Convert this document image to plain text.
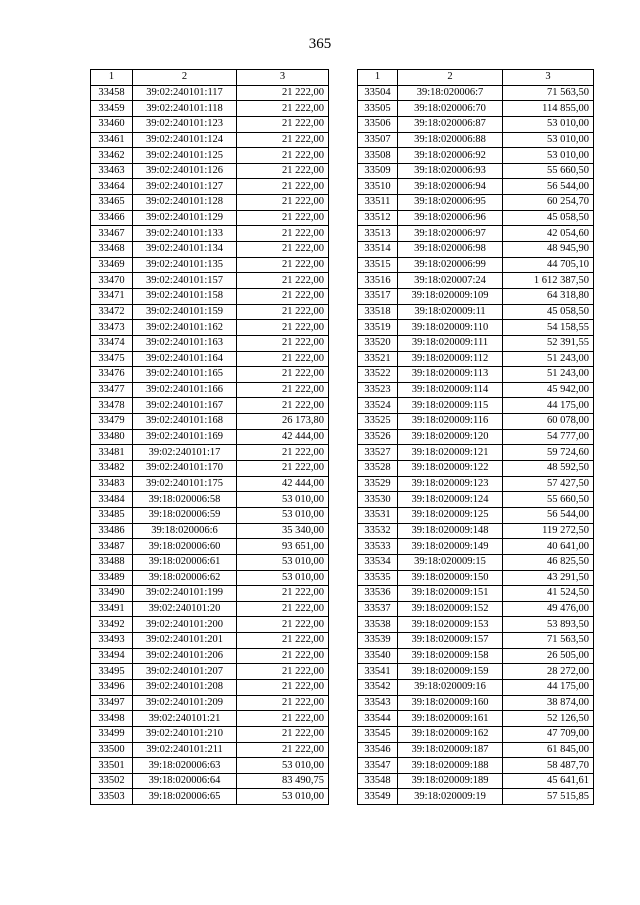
365
1	2	3
33458	39:02:240101:117	21 222,00
33459	39:02:240101:118	21 222,00
33460	39:02:240101:123	21 222,00
33461	39:02:240101:124	21 222,00
33462	39:02:240101:125	21 222,00
33463	39:02:240101:126	21 222,00
33464	39:02:240101:127	21 222,00
33465	39:02:240101:128	21 222,00
33466	39:02:240101:129	21 222,00
33467	39:02:240101:133	21 222,00
33468	39:02:240101:134	21 222,00
33469	39:02:240101:135	21 222,00
33470	39:02:240101:157	21 222,00
33471	39:02:240101:158	21 222,00
33472	39:02:240101:159	21 222,00
33473	39:02:240101:162	21 222,00
33474	39:02:240101:163	21 222,00
33475	39:02:240101:164	21 222,00
33476	39:02:240101:165	21 222,00
33477	39:02:240101:166	21 222,00
33478	39:02:240101:167	21 222,00
33479	39:02:240101:168	26 173,80
33480	39:02:240101:169	42 444,00
33481	39:02:240101:17	21 222,00
33482	39:02:240101:170	21 222,00
33483	39:02:240101:175	42 444,00
33484	39:18:020006:58	53 010,00
33485	39:18:020006:59	53 010,00
33486	39:18:020006:6	35 340,00
33487	39:18:020006:60	93 651,00
33488	39:18:020006:61	53 010,00
33489	39:18:020006:62	53 010,00
33490	39:02:240101:199	21 222,00
33491	39:02:240101:20	21 222,00
33492	39:02:240101:200	21 222,00
33493	39:02:240101:201	21 222,00
33494	39:02:240101:206	21 222,00
33495	39:02:240101:207	21 222,00
33496	39:02:240101:208	21 222,00
33497	39:02:240101:209	21 222,00
33498	39:02:240101:21	21 222,00
33499	39:02:240101:210	21 222,00
33500	39:02:240101:211	21 222,00
33501	39:18:020006:63	53 010,00
33502	39:18:020006:64	83 490,75
33503	39:18:020006:65	53 010,00
1	2	3
33504	39:18:020006:7	71 563,50
33505	39:18:020006:70	114 855,00
33506	39:18:020006:87	53 010,00
33507	39:18:020006:88	53 010,00
33508	39:18:020006:92	53 010,00
33509	39:18:020006:93	55 660,50
33510	39:18:020006:94	56 544,00
33511	39:18:020006:95	60 254,70
33512	39:18:020006:96	45 058,50
33513	39:18:020006:97	42 054,60
33514	39:18:020006:98	48 945,90
33515	39:18:020006:99	44 705,10
33516	39:18:020007:24	1 612 387,50
33517	39:18:020009:109	64 318,80
33518	39:18:020009:11	45 058,50
33519	39:18:020009:110	54 158,55
33520	39:18:020009:111	52 391,55
33521	39:18:020009:112	51 243,00
33522	39:18:020009:113	51 243,00
33523	39:18:020009:114	45 942,00
33524	39:18:020009:115	44 175,00
33525	39:18:020009:116	60 078,00
33526	39:18:020009:120	54 777,00
33527	39:18:020009:121	59 724,60
33528	39:18:020009:122	48 592,50
33529	39:18:020009:123	57 427,50
33530	39:18:020009:124	55 660,50
33531	39:18:020009:125	56 544,00
33532	39:18:020009:148	119 272,50
33533	39:18:020009:149	40 641,00
33534	39:18:020009:15	46 825,50
33535	39:18:020009:150	43 291,50
33536	39:18:020009:151	41 524,50
33537	39:18:020009:152	49 476,00
33538	39:18:020009:153	53 893,50
33539	39:18:020009:157	71 563,50
33540	39:18:020009:158	26 505,00
33541	39:18:020009:159	28 272,00
33542	39:18:020009:16	44 175,00
33543	39:18:020009:160	38 874,00
33544	39:18:020009:161	52 126,50
33545	39:18:020009:162	47 709,00
33546	39:18:020009:187	61 845,00
33547	39:18:020009:188	58 487,70
33548	39:18:020009:189	45 641,61
33549	39:18:020009:19	57 515,85
